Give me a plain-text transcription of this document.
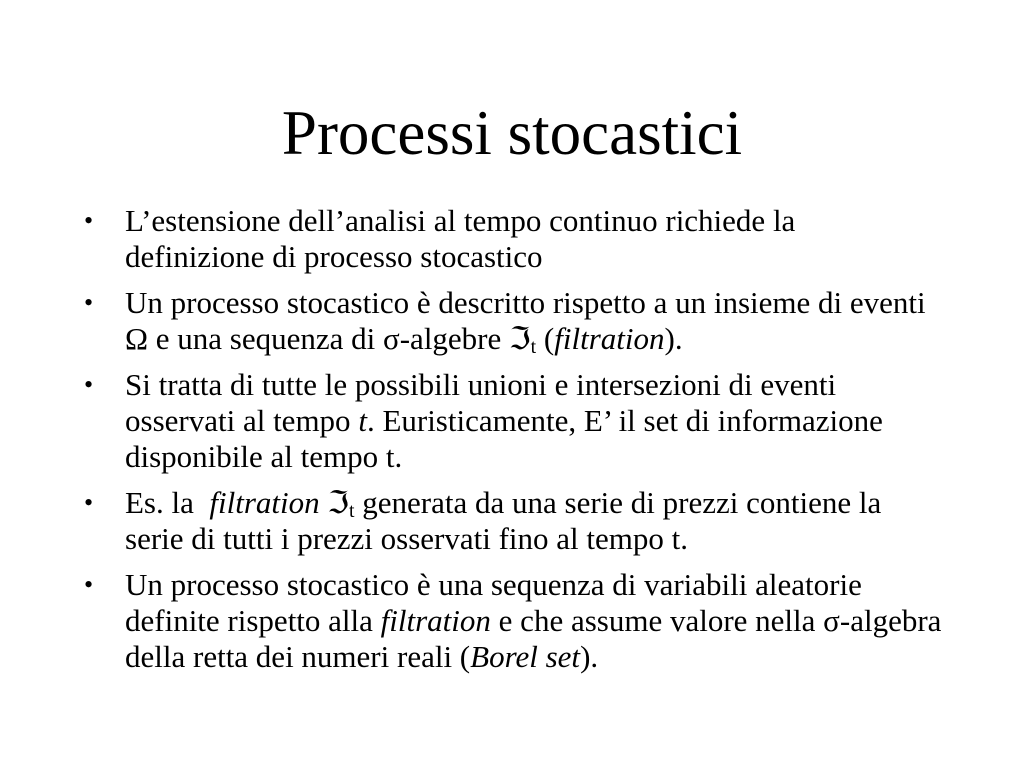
Processi stocastici
•	L’estensione dell’analisi al tempo continuo richiede la definizione di processo stocastico
•	Un processo stocastico è descritto rispetto a un insieme di eventi Ω e una sequenza di σ-algebre ℑ$_t$ (filtration).
•	Si tratta di tutte le possibili unioni e intersezioni di eventi osservati al tempo t. Euristicamente, E’ il set di informazione disponibile al tempo t.
•	Es. la  filtration ℑ$_t$ generata da una serie di prezzi contiene la serie di tutti i prezzi osservati fino al tempo t.
•	Un processo stocastico è una sequenza di variabili aleatorie definite rispetto alla filtration e che assume valore nella σ-algebra della retta dei numeri reali (Borel set).
